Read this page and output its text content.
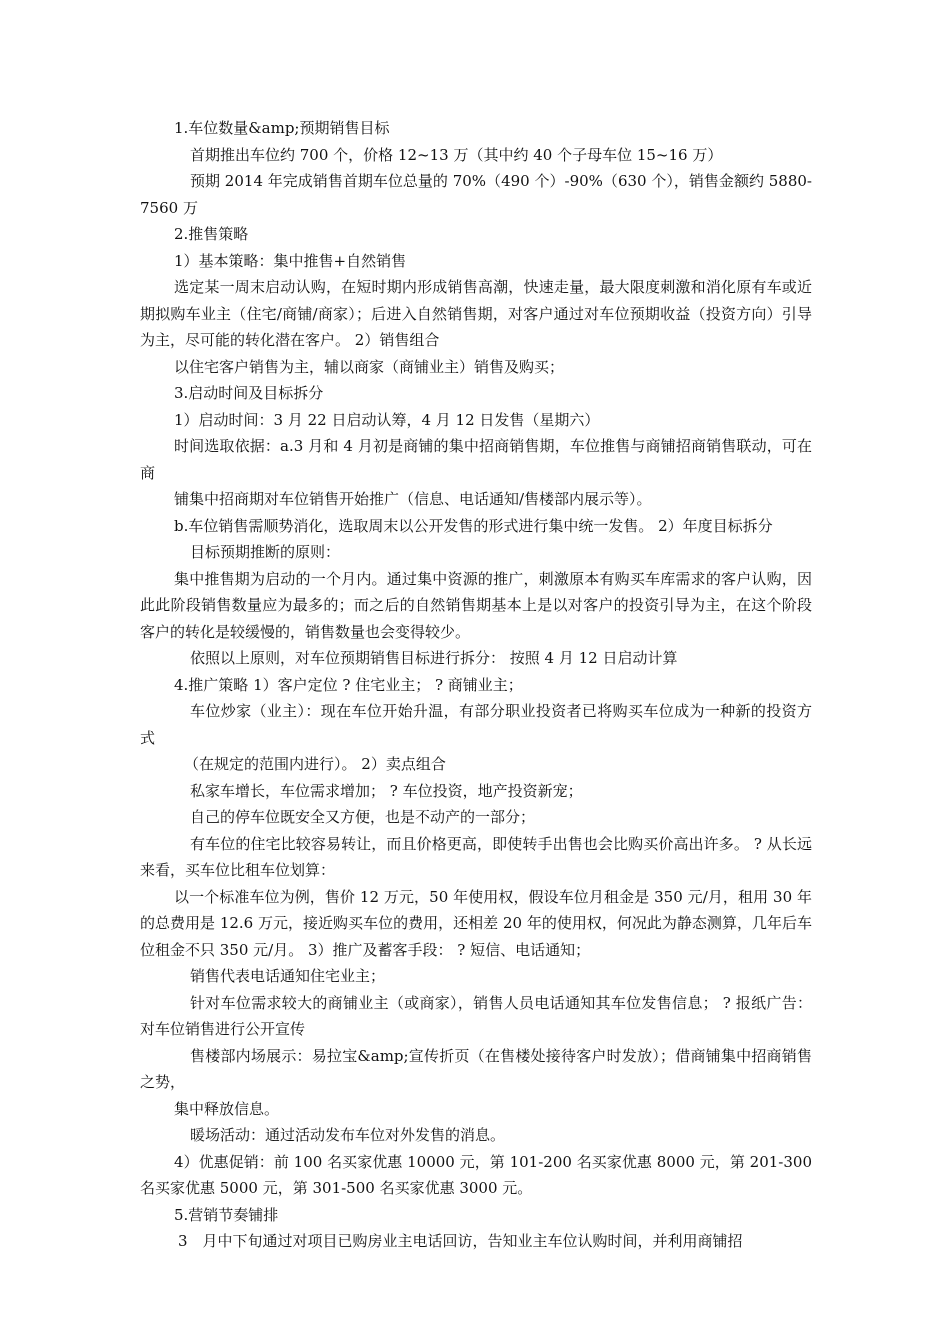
1.车位数量&amp;预期销售目标

首期推出车位约 700 个，价格 12~13 万（其中约 40 个子母车位 15~16 万）

预期 2014 年完成销售首期车位总量的 70%（490 个）-90%（630 个），销售金额约 5880-7560 万

2.推售策略

1）基本策略：集中推售+自然销售

选定某一周末启动认购，在短时期内形成销售高潮，快速走量，最大限度刺激和消化原有车或近期拟购车业主（住宅/商铺/商家）；后进入自然销售期，对客户通过对车位预期收益（投资方向）引导为主，尽可能的转化潜在客户。 2）销售组合

以住宅客户销售为主，辅以商家（商铺业主）销售及购买；

3.启动时间及目标拆分

1）启动时间：3 月 22 日启动认筹，4 月 12 日发售（星期六）

时间选取依据：a.3 月和 4 月初是商铺的集中招商销售期，车位推售与商铺招商销售联动，可在商

铺集中招商期对车位销售开始推广（信息、电话通知/售楼部内展示等）。

b.车位销售需顺势消化，选取周末以公开发售的形式进行集中统一发售。 2）年度目标拆分

目标预期推断的原则：

集中推售期为启动的一个月内。通过集中资源的推广，刺激原本有购买车库需求的客户认购，因此此阶段销售数量应为最多的；而之后的自然销售期基本上是以对客户的投资引导为主，在这个阶段客户的转化是较缓慢的，销售数量也会变得较少。

依照以上原则，对车位预期销售目标进行拆分： 按照 4 月 12 日启动计算

4.推广策略 1）客户定位 ? 住宅业主； ? 商铺业主；

车位炒家（业主）：现在车位开始升温，有部分职业投资者已将购买车位成为一种新的投资方式

（在规定的范围内进行）。 2）卖点组合

私家车增长，车位需求增加； ? 车位投资，地产投资新宠；

自己的停车位既安全又方便，也是不动产的一部分；

有车位的住宅比较容易转让，而且价格更高，即使转手出售也会比购买价高出许多。 ? 从长远来看，买车位比租车位划算：

以一个标准车位为例，售价 12 万元，50 年使用权，假设车位月租金是 350 元/月，租用 30 年的总费用是 12.6 万元，接近购买车位的费用，还相差 20 年的使用权，何况此为静态测算，几年后车位租金不只 350 元/月。 3）推广及蓄客手段： ? 短信、电话通知；

销售代表电话通知住宅业主；

针对车位需求较大的商铺业主（或商家），销售人员电话通知其车位发售信息； ? 报纸广告：对车位销售进行公开宣传

售楼部内场展示：易拉宝&amp;宣传折页（在售楼处接待客户时发放）；借商铺集中招商销售之势，

集中释放信息。

暖场活动：通过活动发布车位对外发售的消息。

4）优惠促销：前 100 名买家优惠 10000 元，第 101-200 名买家优惠 8000 元，第 201-300 名买家优惠 5000 元，第 301-500 名买家优惠 3000 元。

5.营销节奏铺排

3　月中下旬通过对项目已购房业主电话回访，告知业主车位认购时间，并利用商铺招
